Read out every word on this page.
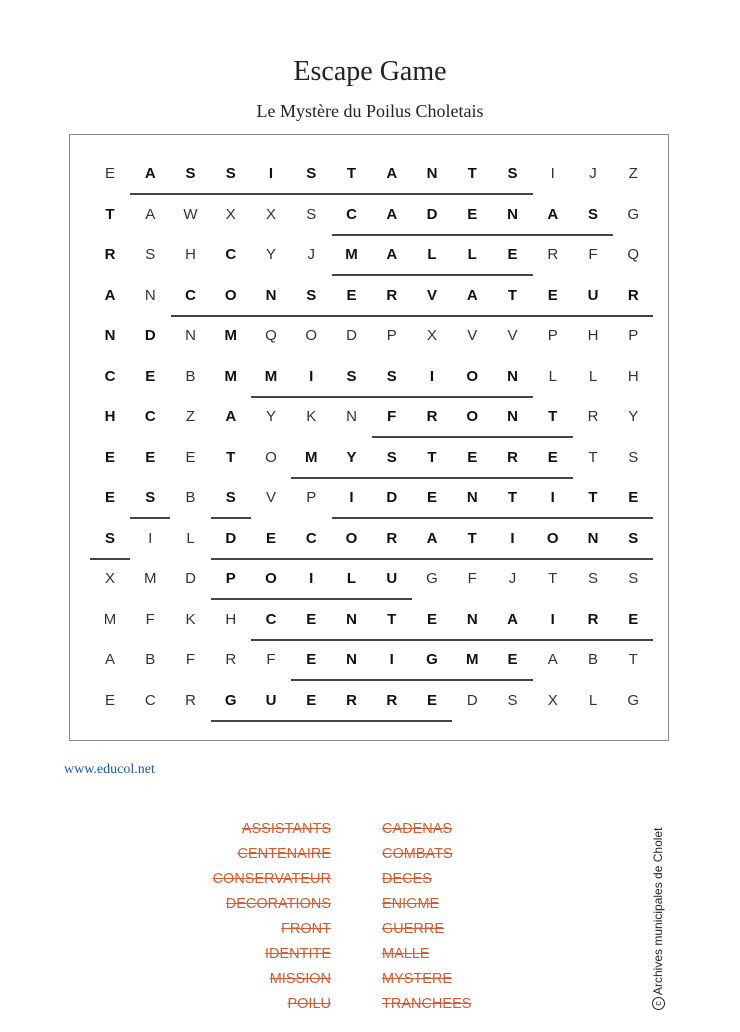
Escape Game
Le Mystère du Poilus Choletais
E	A	S	S	I	S	T	A	N	T	S	I	J	Z
T	A	W	X	X	S	C	A	D	E	N	A	S	G
R	S	H	C	Y	J	M	A	L	L	E	R	F	Q
A	N	C	O	N	S	E	R	V	A	T	E	U	R
N	D	N	M	Q	O	D	P	X	V	V	P	H	P
C	E	B	M	M	I	S	S	I	O	N	L	L	H
H	C	Z	A	Y	K	N	F	R	O	N	T	R	Y
E	E	E	T	O	M	Y	S	T	E	R	E	T	S
E	S	B	S	V	P	I	D	E	N	T	I	T	E
S	I	L	D	E	C	O	R	A	T	I	O	N	S
X	M	D	P	O	I	L	U	G	F	J	T	S	S
M	F	K	H	C	E	N	T	E	N	A	I	R	E
A	B	F	R	F	E	N	I	G	M	E	A	B	T
E	C	R	G	U	E	R	R	E	D	S	X	L	G
www.educol.net
ASSISTANTS
CENTENAIRE
CONSERVATEUR
DECORATIONS
FRONT
IDENTITE
MISSION
POILU
CADENAS
COMBATS
DECES
ENIGME
GUERRE
MALLE
MYSTERE
TRANCHEES	c
Archives municipales de Cholet
